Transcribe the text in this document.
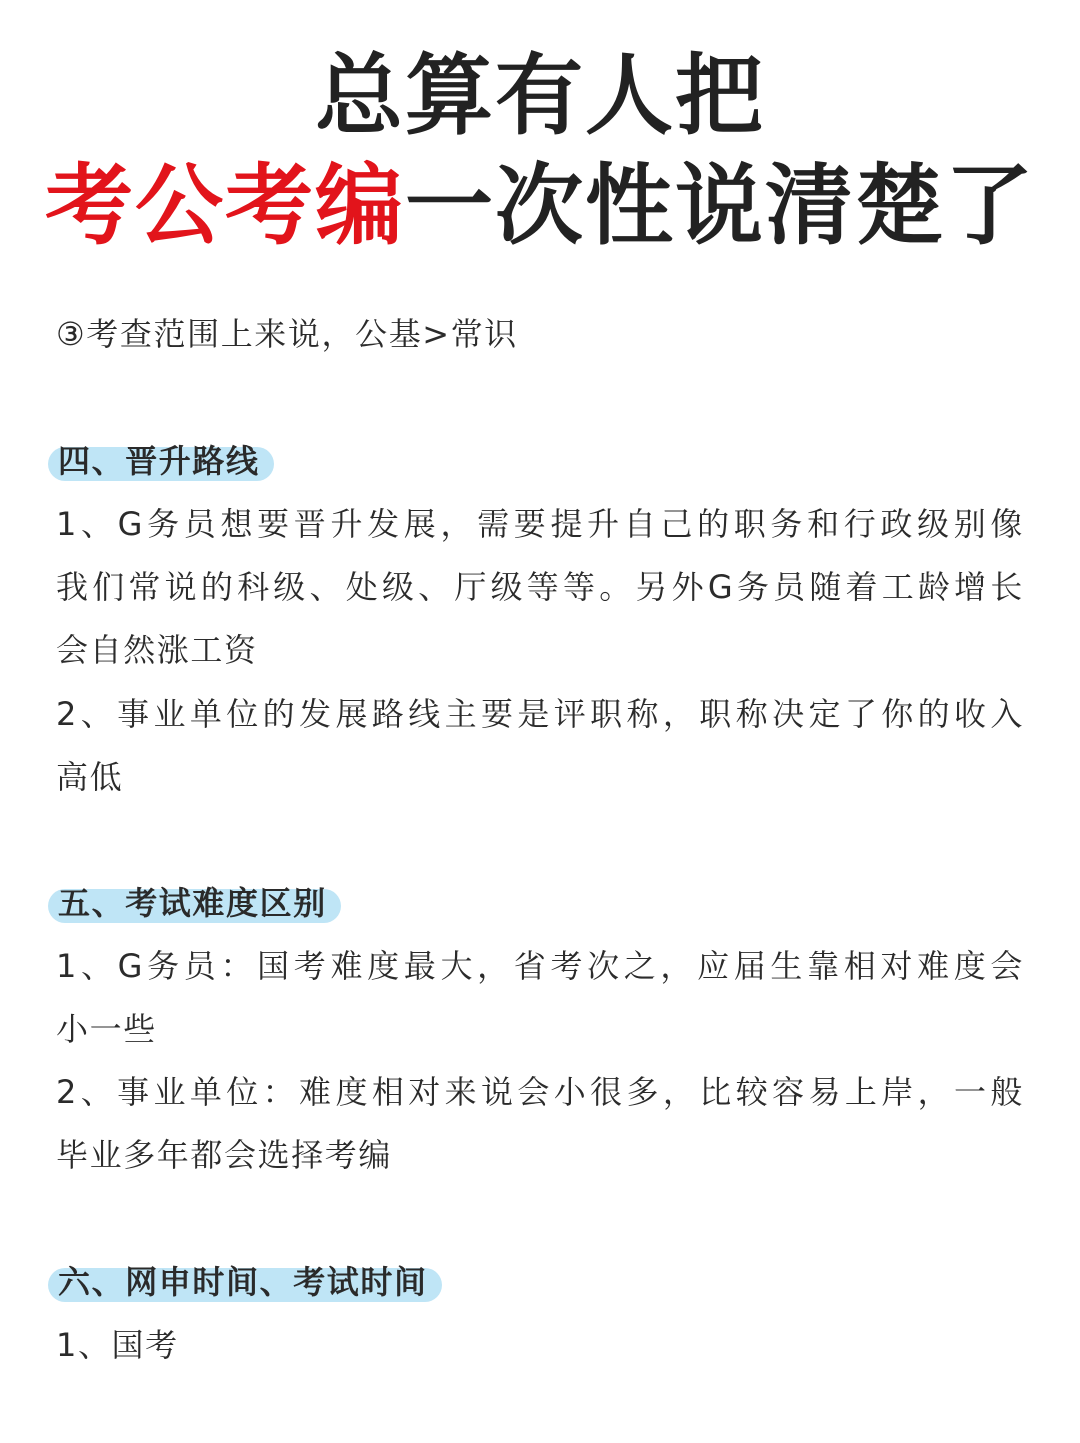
总算有人把
考公考编一次性说清楚了
③考查范围上来说，公基>常识
四、晋升路线
1、G务员想要晋升发展，需要提升自己的职务和行政级别像
我们常说的科级、处级、厅级等等。另外G务员随着工龄增长
会自然涨工资
2、事业单位的发展路线主要是评职称，职称决定了你的收入
高低
五、考试难度区别
1、G务员：国考难度最大，省考次之，应届生靠相对难度会
小一些
2、事业单位：难度相对来说会小很多，比较容易上岸，一般
毕业多年都会选择考编
六、网申时间、考试时间
1、国考
